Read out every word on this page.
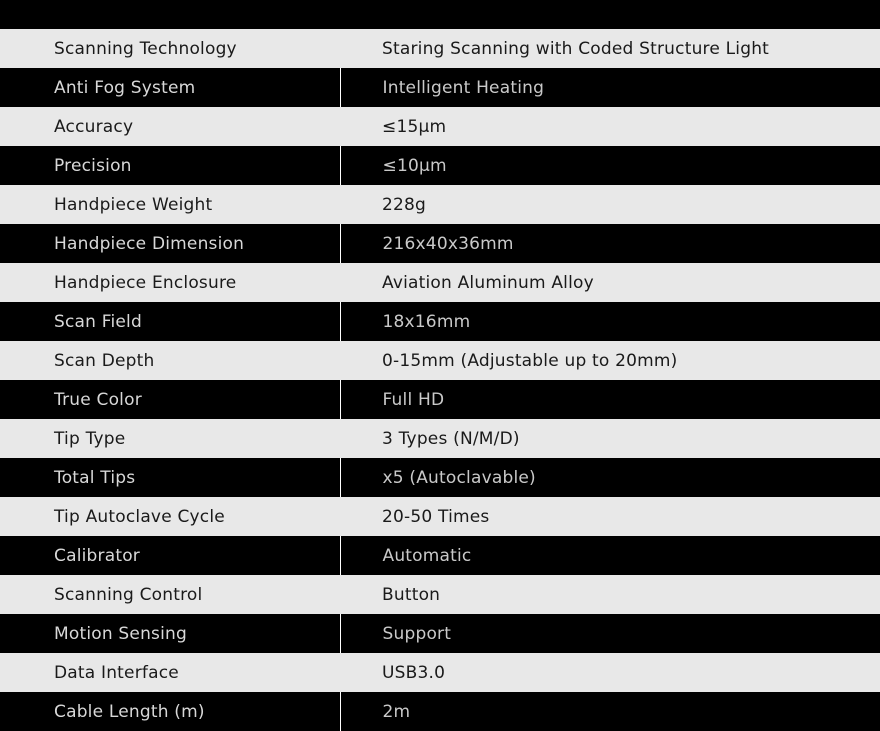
Scanning Technology	Staring Scanning with Coded Structure Light
Anti Fog System	Intelligent Heating
Accuracy	≤15μm
Precision	≤10μm
Handpiece Weight	228g
Handpiece Dimension	216x40x36mm
Handpiece Enclosure	Aviation Aluminum Alloy
Scan Field	18x16mm
Scan Depth	0-15mm (Adjustable up to 20mm)
True Color	Full HD
Tip Type	3 Types (N/M/D)
Total Tips	x5 (Autoclavable)
Tip Autoclave Cycle	20-50 Times
Calibrator	Automatic
Scanning Control	Button
Motion Sensing	Support
Data Interface	USB3.0
Cable Length (m)	2m
